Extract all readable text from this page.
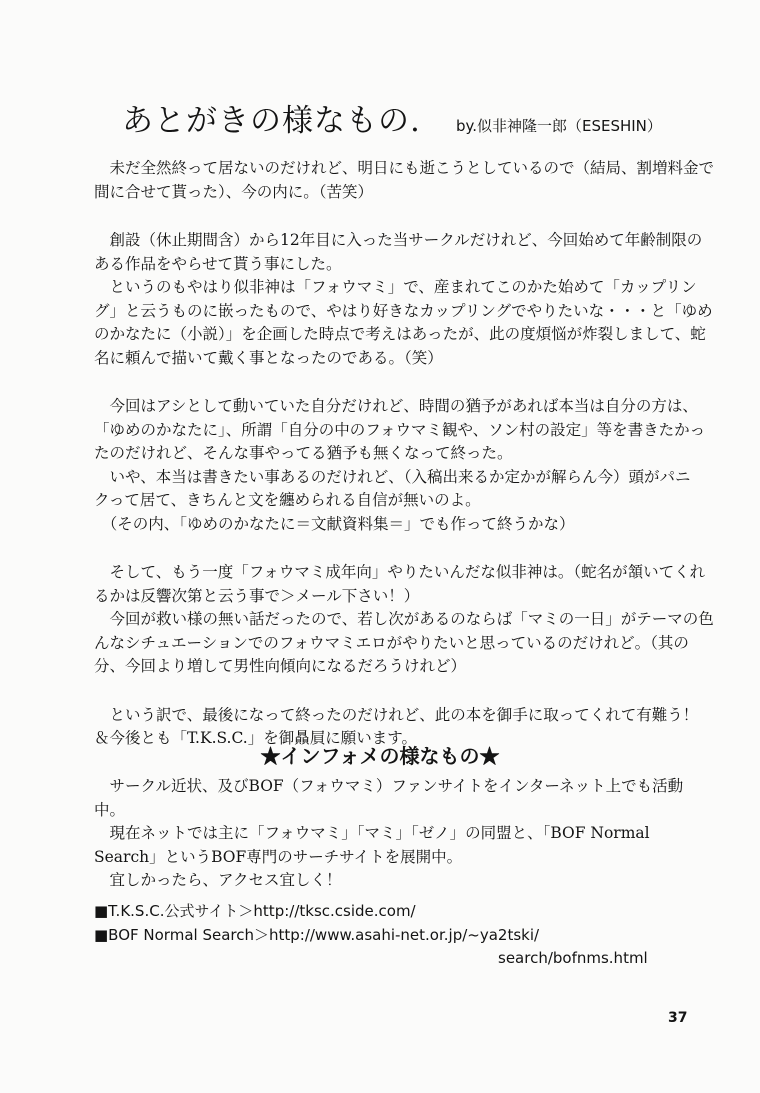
あとがきの様なもの. by.似非神隆一郎（ESESHIN）

　未だ全然終って居ないのだけれど、明日にも逝こうとしているので（結局、割増料金で
間に合せて貰った）、今の内に。（苦笑）

　創設（休止期間含）から12年目に入った当サークルだけれど、今回始めて年齢制限の
ある作品をやらせて貰う事にした。
　というのもやはり似非神は「フォウマミ」で、産まれてこのかた始めて「カップリン
グ」と云うものに嵌ったもので、やはり好きなカップリングでやりたいな・・・と「ゆめ
のかなたに（小説）」を企画した時点で考えはあったが、此の度煩悩が炸裂しまして、蛇
名に頼んで描いて戴く事となったのである。（笑）

　今回はアシとして動いていた自分だけれど、時間の猶予があれば本当は自分の方は、
「ゆめのかなたに」、所謂「自分の中のフォウマミ観や、ソン村の設定」等を書きたかっ
たのだけれど、そんな事やってる猶予も無くなって終った。
　いや、本当は書きたい事あるのだけれど、（入稿出来るか定かが解らん今）頭がパニ
クって居て、きちんと文を纏められる自信が無いのよ。
　（その内、「ゆめのかなたに＝文献資料集＝」でも作って終うかな）

　そして、もう一度「フォウマミ成年向」やりたいんだな似非神は。（蛇名が頷いてくれ
るかは反響次第と云う事で＞メール下さい！）
　今回が救い様の無い話だったので、若し次があるのならば「マミの一日」がテーマの色
んなシチュエーションでのフォウマミエロがやりたいと思っているのだけれど。（其の
分、今回より増して男性向傾向になるだろうけれど）

　という訳で、最後になって終ったのだけれど、此の本を御手に取ってくれて有難う！
＆今後とも「T.K.S.C.」を御贔屓に願います。

★インフォメの様なもの★
　サークル近状、及びBOF（フォウマミ）ファンサイトをインターネット上でも活動
中。
　現在ネットでは主に「フォウマミ」「マミ」「ゼノ」の同盟と、「BOF Normal
Search」というBOF専門のサーチサイトを展開中。
　宜しかったら、アクセス宜しく！
■T.K.S.C.公式サイト＞http://tksc.cside.com/
■BOF Normal Search＞http://www.asahi-net.or.jp/~ya2tski/
search/bofnms.html
37
